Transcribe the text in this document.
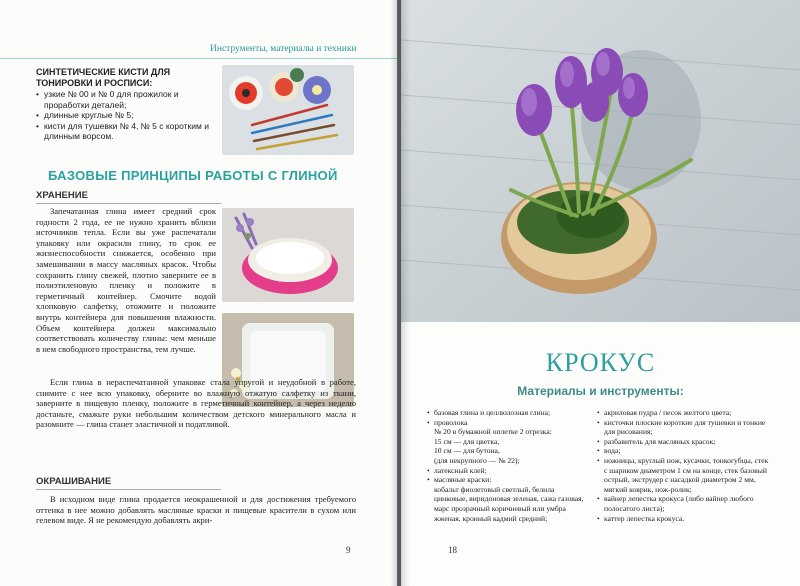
Инструменты, материалы и техники
СИНТЕТИЧЕСКИЕ КИСТИ ДЛЯ ТОНИРОВКИ И РОСПИСИ:
• узкие № 00 и № 0 для прожилок и проработки деталей;
• длинные круглые № 5;
• кисти для тушевки № 4, № 5 с коротким и длинным ворсом.
БАЗОВЫЕ ПРИНЦИПЫ РАБОТЫ С ГЛИНОЙ
ХРАНЕНИЕ

Запечатанная глина имеет средний срок годности 2 года, ее не нужно хранить вблизи источников тепла. Если вы уже распечатали упаковку или окрасили глину, то срок ее жизнеспособности снижается, особенно при замешивании в массу масляных красок. Чтобы сохранить глину свежей, плотно заверните ее в полиэтиленовую пленку и положите в герметичный контейнер. Смочите водой хлопковую салфетку, отожмите и положите внутрь контейнера для повышения влажности. Объем контейнера должен максимально соответствовать количеству глины: чем меньше в нем свободного пространства, тем лучше.

Если глина в нераспечатанной упаковке стала упругой и неудобной в работе, снимите с нее всю упаковку, оберните во влажную отжатую салфетку из ткани, заверните в пищевую пленку, положите в герметичный контейнер, а через неделю достаньте, смажьте руки небольшим количеством детского минерального масла и разомните — глина станет эластичной и податливой.

ОКРАШИВАНИЕ

В исходном виде глина продается неокрашенной и для достижения требуемого оттенка в нее можно добавлять масляные краски и пищевые красители в сухом или гелевом виде. Я не рекомендую добавлять акри-

9
КРОКУС
Материалы и инструменты:
• базовая глина и целлюлозная глина;
• проволока
№ 20 в бумажной оплетке 2 отрезка:
15 см — для цветка,
10 см — для бутона,
(для некрупного — № 22);
• латексный клей;
• масляные краски:
кобальт фиолетовый светлый, белила цинковые, виридоновая зеленая, сажа газовая, марс прозрачный коричневый или умбра жженая, кронный кадмий средний;
• акриловая пудра / песок желтого цвета;
• кисточки плоские короткие для тушевки и тонкие для рисования;
• разбавитель для масляных красок;
• вода;
• ножницы, круглый нож, кусачки, тонкогубцы, стек с шариком диаметром 1 см на конце, стек базовый острый, экструдер с насадкой диаметром 2 мм, мягкий коврик, нож-ролик;
• вайнер лепестка крокуса (либо вайнер любого полосатого листа);
• каттер лепестка крокуса.
18
